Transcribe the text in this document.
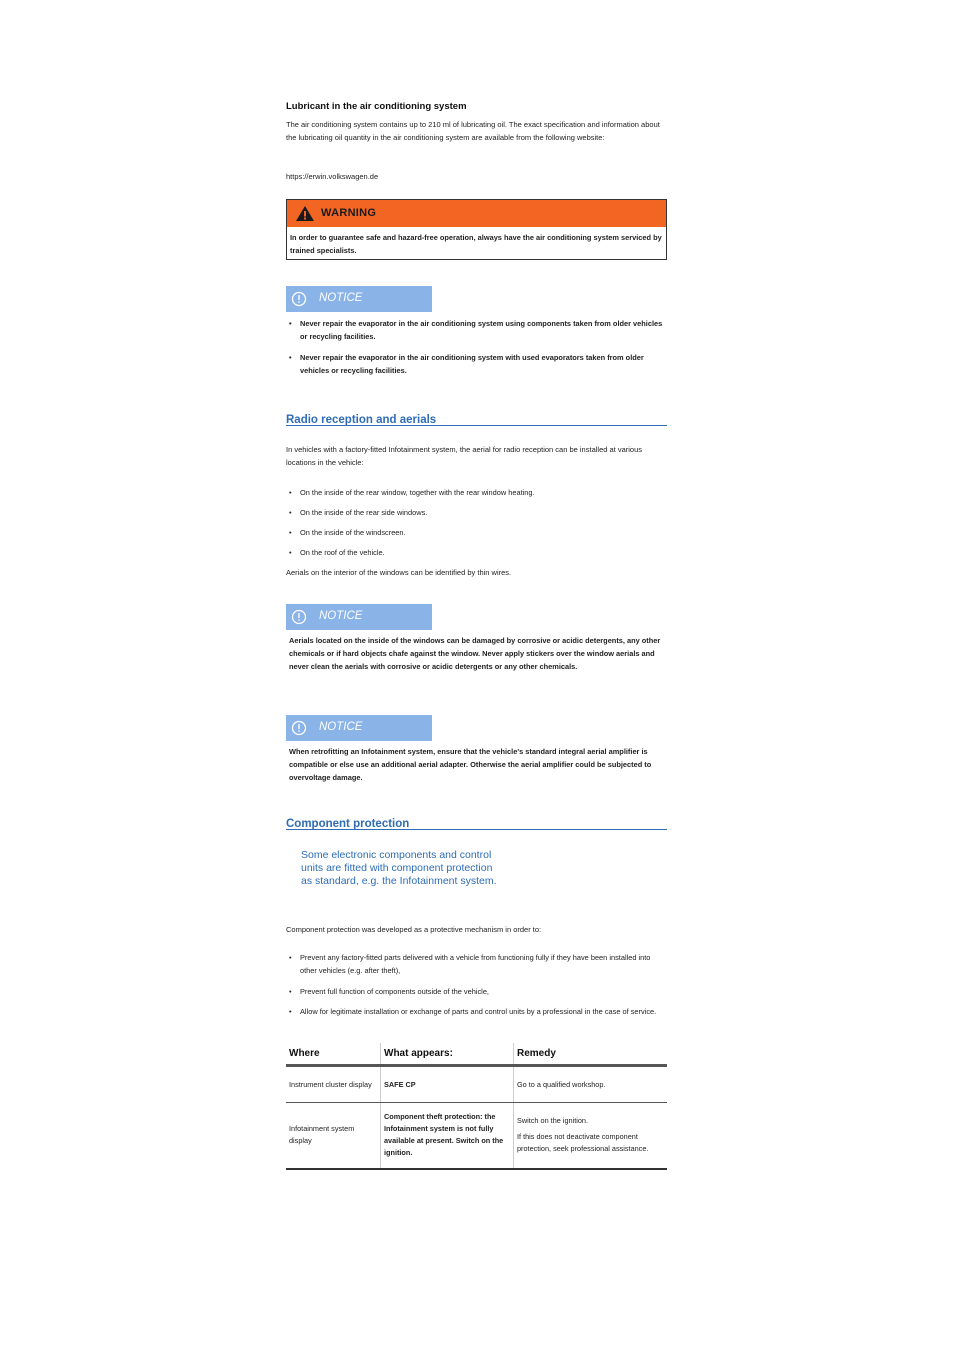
Lubricant in the air conditioning system
The air conditioning system contains up to 210 ml of lubricating oil. The exact specification and information about the lubricating oil quantity in the air conditioning system are available from the following website:
https://erwin.volkswagen.de
WARNING
In order to guarantee safe and hazard-free operation, always have the air conditioning system serviced by trained specialists.
NOTICE
• Never repair the evaporator in the air conditioning system using components taken from older vehicles or recycling facilities.
• Never repair the evaporator in the air conditioning system with used evaporators taken from older vehicles or recycling facilities.
Radio reception and aerials
In vehicles with a factory-fitted Infotainment system, the aerial for radio reception can be installed at various locations in the vehicle:
• On the inside of the rear window, together with the rear window heating.
• On the inside of the rear side windows.
• On the inside of the windscreen.
• On the roof of the vehicle.
Aerials on the interior of the windows can be identified by thin wires.
NOTICE
Aerials located on the inside of the windows can be damaged by corrosive or acidic detergents, any other chemicals or if hard objects chafe against the window. Never apply stickers over the window aerials and never clean the aerials with corrosive or acidic detergents or any other chemicals.
NOTICE
When retrofitting an Infotainment system, ensure that the vehicle's standard integral aerial amplifier is compatible or else use an additional aerial adapter. Otherwise the aerial amplifier could be subjected to overvoltage damage.
Component protection
Some electronic components and control units are fitted with component protection as standard, e.g. the Infotainment system.
Component protection was developed as a protective mechanism in order to:
• Prevent any factory-fitted parts delivered with a vehicle from functioning fully if they have been installed into other vehicles (e.g. after theft),
• Prevent full function of components outside of the vehicle,
• Allow for legitimate installation or exchange of parts and control units by a professional in the case of service.
Where	What appears:	Remedy
Instrument cluster display	SAFE CP	Go to a qualified workshop.
Infotainment system display	Component theft protection: the Infotainment system is not fully available at present. Switch on the ignition.	Switch on the ignition.
If this does not deactivate component protection, seek professional assistance.
